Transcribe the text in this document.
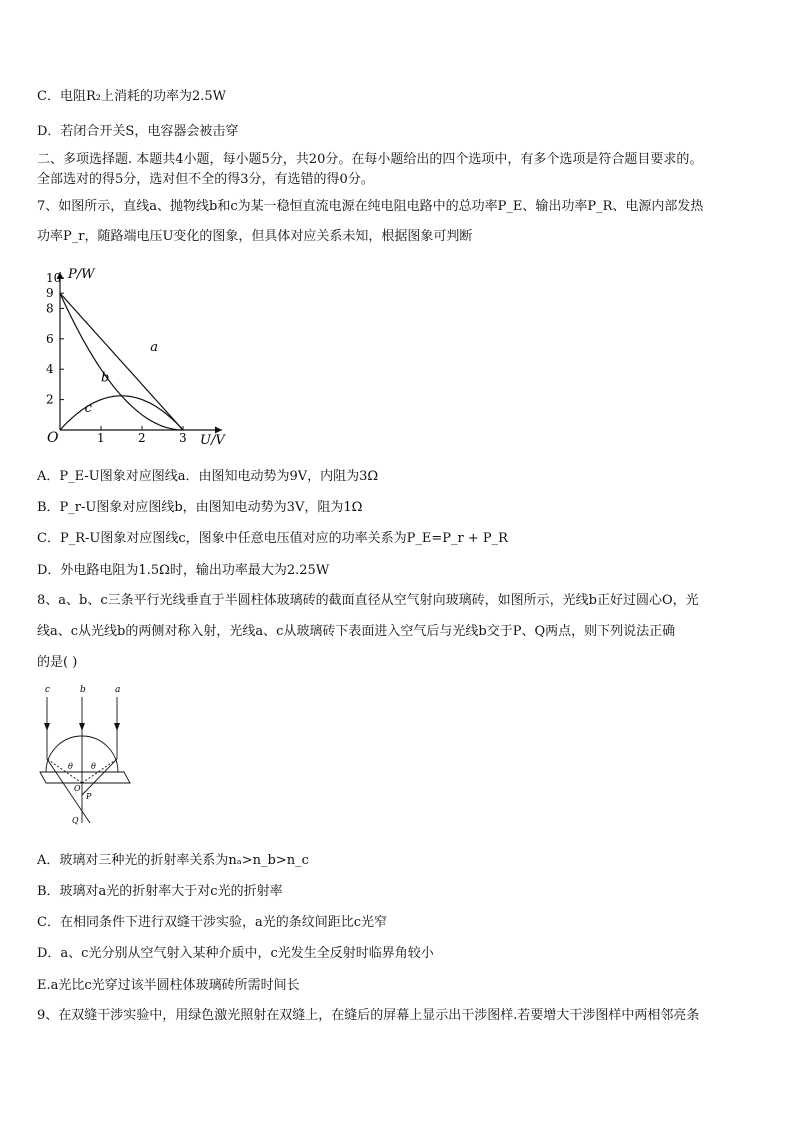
C．电阻R₂上消耗的功率为2.5W
D．若闭合开关S，电容器会被击穿
二、多项选择题. 本题共4小题，每小题5分，共20分。在每小题给出的四个选项中，有多个选项是符合题目要求的。
全部选对的得5分，选对但不全的得3分，有选错的得0分。
7、如图所示，直线a、抛物线b和c为某一稳恒直流电源在纯电阻电路中的总功率P_E、输出功率P_R、电源内部发热
功率P_r，随路端电压U变化的图象，但具体对应关系未知，根据图象可判断
P/W
U/V
O
2
4
6
8
9
10
1	2	3
a
b
c
A．P_E-U图象对应图线a．由图知电动势为9V，内阻为3Ω
B．P_r-U图象对应图线b，由图知电动势为3V，阻为1Ω
C．P_R-U图象对应图线c，图象中任意电压值对应的功率关系为P_E=P_r + P_R
D．外电路电阻为1.5Ω时，输出功率最大为2.25W
8、a、b、c三条平行光线垂直于半圆柱体玻璃砖的截面直径从空气射向玻璃砖，如图所示，光线b正好过圆心O，光
线a、c从光线b的两侧对称入射，光线a、c从玻璃砖下表面进入空气后与光线b交于P、Q两点，则下列说法正确
的是( )
c	b	a
θ θ
O
P
Q
A．玻璃对三种光的折射率关系为nₐ>n_b>n_c
B．玻璃对a光的折射率大于对c光的折射率
C．在相同条件下进行双缝干涉实验，a光的条纹间距比c光窄
D．a、c光分别从空气射入某种介质中，c光发生全反射时临界角较小
E.a光比c光穿过该半圆柱体玻璃砖所需时间长
9、在双缝干涉实验中，用绿色激光照射在双缝上，在缝后的屏幕上显示出干涉图样.若要增大干涉图样中两相邻亮条
